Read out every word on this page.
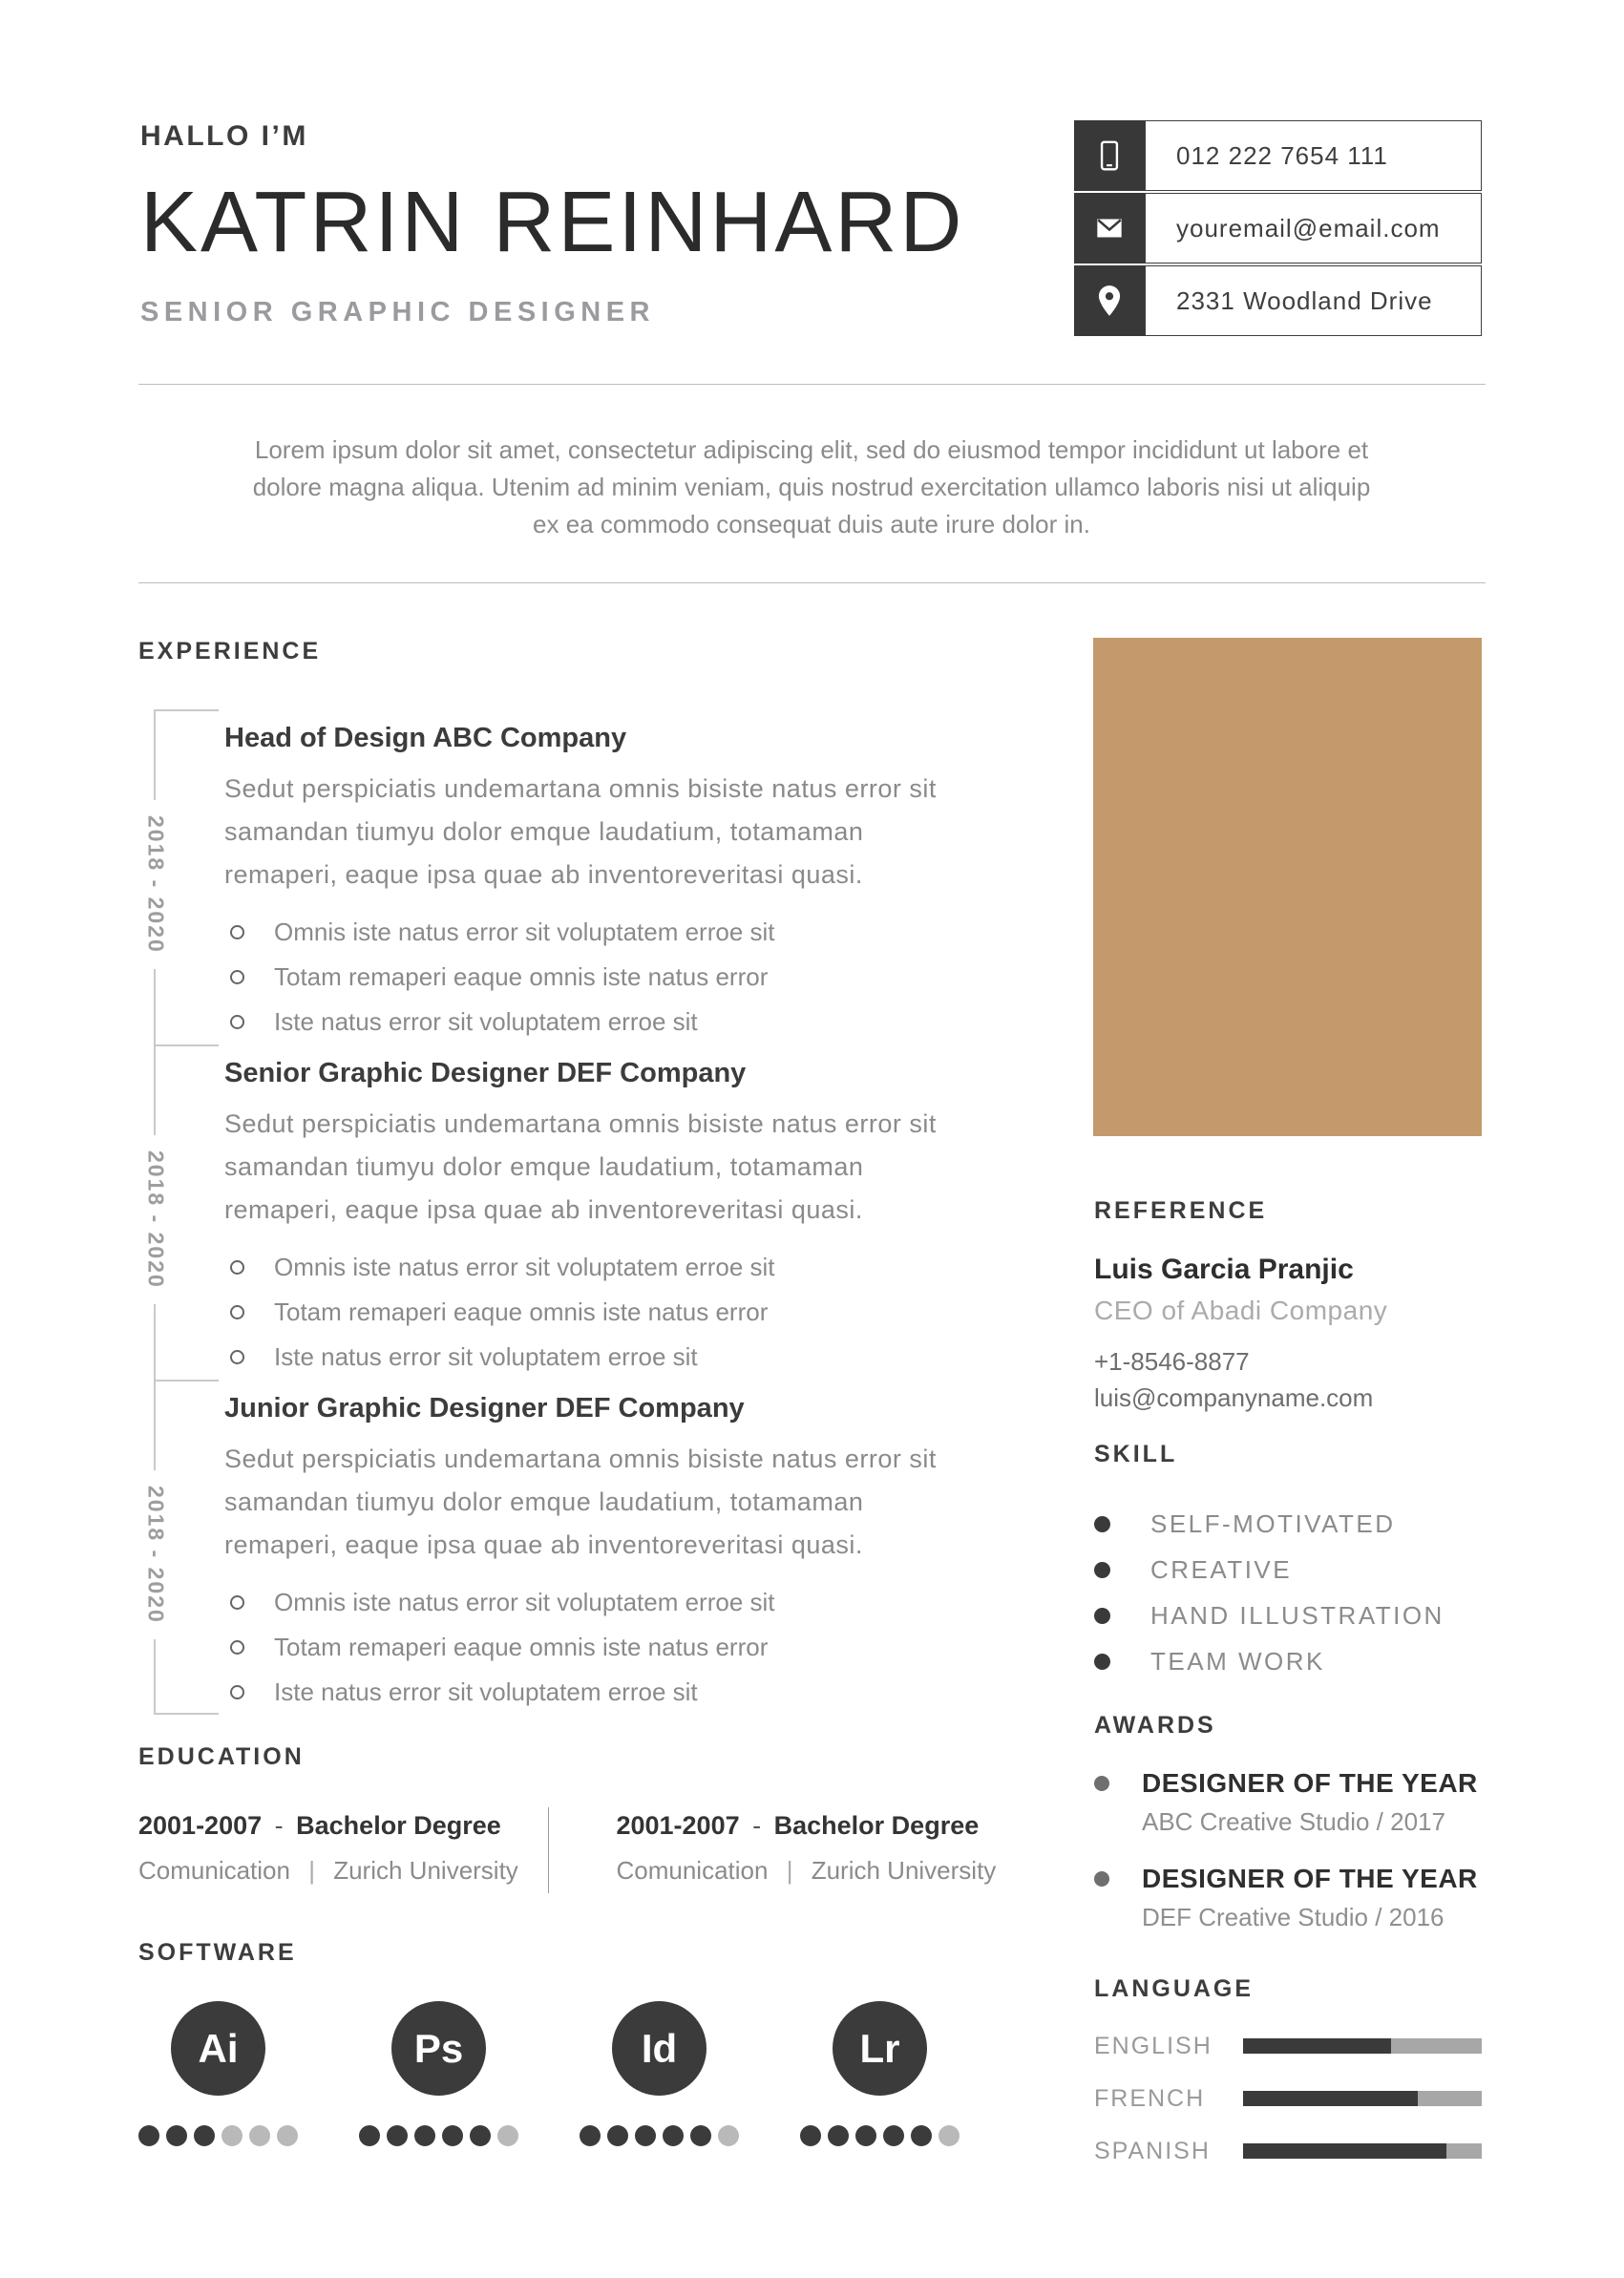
HALLO I’M
KATRIN REINHARD
SENIOR GRAPHIC DESIGNER
012 222 7654 111
youremail@email.com
2331 Woodland Drive

Lorem ipsum dolor sit amet, consectetur adipiscing elit, sed do eiusmod tempor incididunt ut labore et dolore magna aliqua. Utenim ad minim veniam, quis nostrud exercitation ullamco laboris nisi ut aliquip ex ea commodo consequat duis aute irure dolor in.

EXPERIENCE
2018 - 2020
Head of Design ABC Company

Sedut perspiciatis undemartana omnis bisiste natus error sit samandan tiumyu dolor emque laudatium, totamaman remaperi, eaque ipsa quae ab inventoreveritasi quasi.

Omnis iste natus error sit voluptatem erroe sit
Totam remaperi eaque omnis iste natus error
Iste natus error sit voluptatem erroe sit
2018 - 2020
Senior Graphic Designer DEF Company

Sedut perspiciatis undemartana omnis bisiste natus error sit samandan tiumyu dolor emque laudatium, totamaman remaperi, eaque ipsa quae ab inventoreveritasi quasi.

Omnis iste natus error sit voluptatem erroe sit
Totam remaperi eaque omnis iste natus error
Iste natus error sit voluptatem erroe sit
2018 - 2020
Junior Graphic Designer DEF Company

Sedut perspiciatis undemartana omnis bisiste natus error sit samandan tiumyu dolor emque laudatium, totamaman remaperi, eaque ipsa quae ab inventoreveritasi quasi.

Omnis iste natus error sit voluptatem erroe sit
Totam remaperi eaque omnis iste natus error
Iste natus error sit voluptatem erroe sit
EDUCATION
2001-2007 - Bachelor Degree
Comunication | Zurich University
2001-2007 - Bachelor Degree
Comunication | Zurich University
SOFTWARE
Ai	Ps	Id	Lr
REFERENCE
Luis Garcia Pranjic
CEO of Abadi Company
+1-8546-8877
luis@companyname.com
SKILL
SELF-MOTIVATED
CREATIVE
HAND ILLUSTRATION
TEAM WORK
AWARDS
DESIGNER OF THE YEAR
ABC Creative Studio / 2017
DESIGNER OF THE YEAR
DEF Creative Studio / 2016
LANGUAGE
ENGLISH
FRENCH
SPANISH
